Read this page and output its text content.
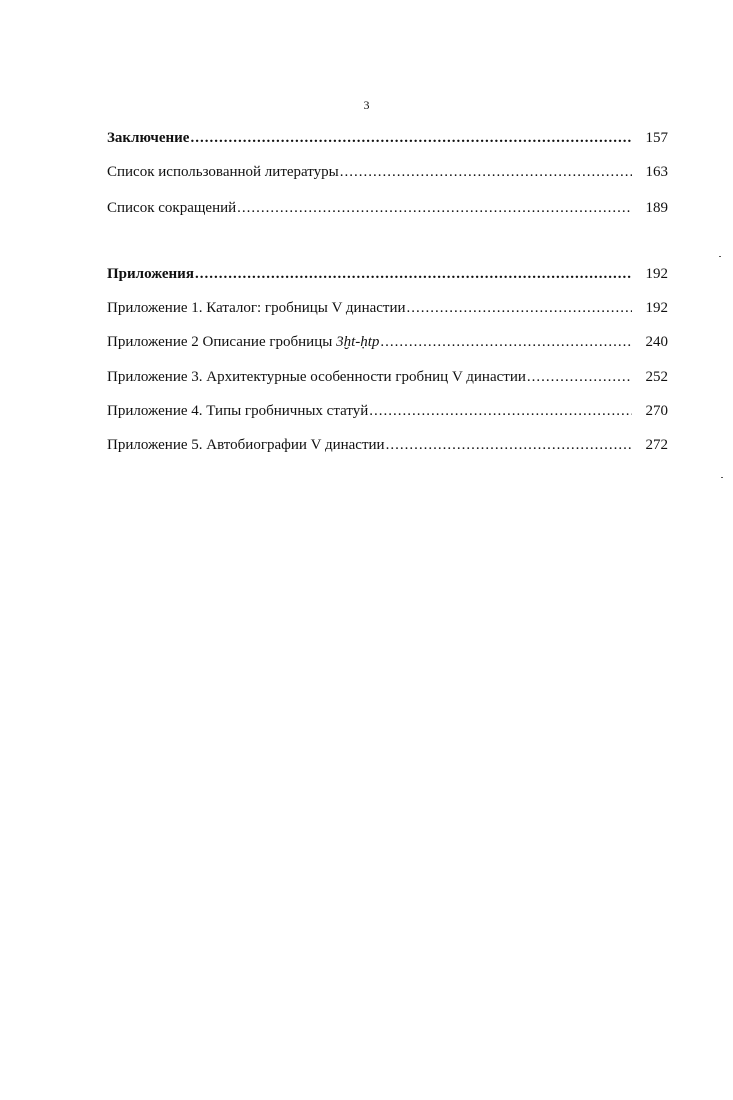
3
Заключение .....	157
Список использованной литературы .....	163
Список сокращений .....	189
Приложения .....	192
Приложение 1. Каталог: гробницы V династии .....	192
Приложение 2 Описание гробницы 3ḫt-ḥtp .....	240
Приложение 3. Архитектурные особенности гробниц V династии .....	252
Приложение 4. Типы гробничных статуй .....	270
Приложение 5. Автобиографии V династии .....	272
